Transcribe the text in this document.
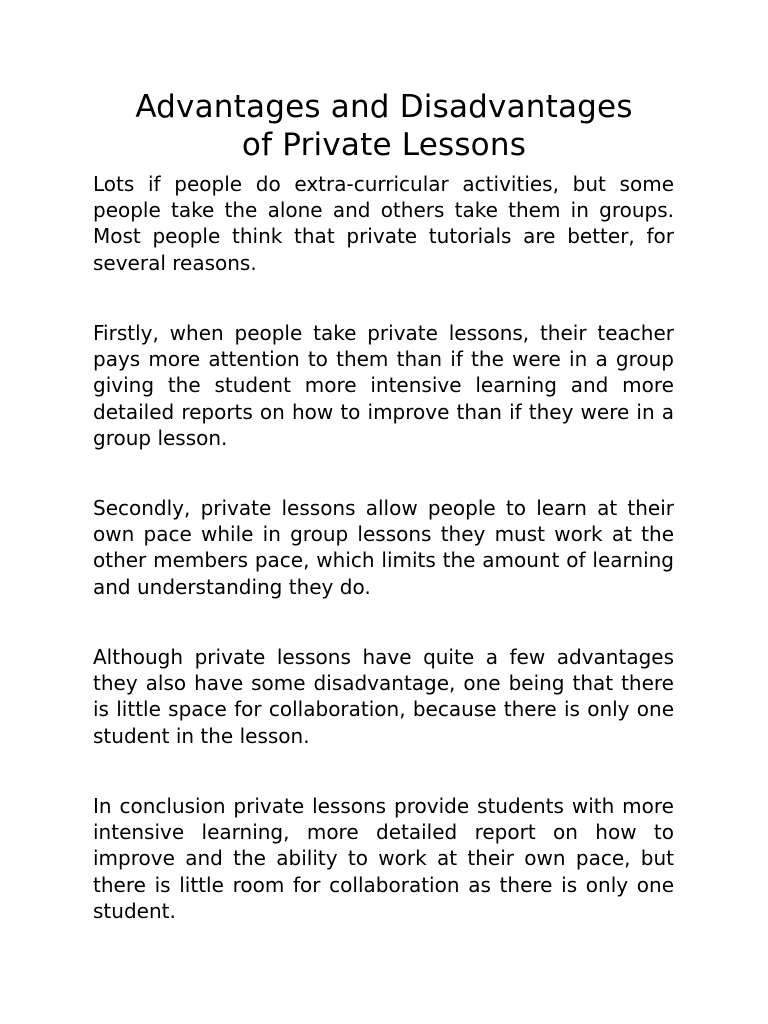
Advantages and Disadvantages
of Private Lessons

Lots if people do extra-curricular activities, but some people take the alone and others take them in groups. Most people think that private tutorials are better, for several reasons.

Firstly, when people take private lessons, their teacher pays more attention to them than if the were in a group giving the student more intensive learning and more detailed reports on how to improve than if they were in a group lesson.

Secondly, private lessons allow people to learn at their own pace while in group lessons they must work at the other members pace, which limits the amount of learning and understanding they do.

Although private lessons have quite a few advantages they also have some disadvantage, one being that there is little space for collaboration, because there is only one student in the lesson.

In conclusion private lessons provide students with more intensive learning, more detailed report on how to improve and the ability to work at their own pace, but there is little room for collaboration as there is only one student.
